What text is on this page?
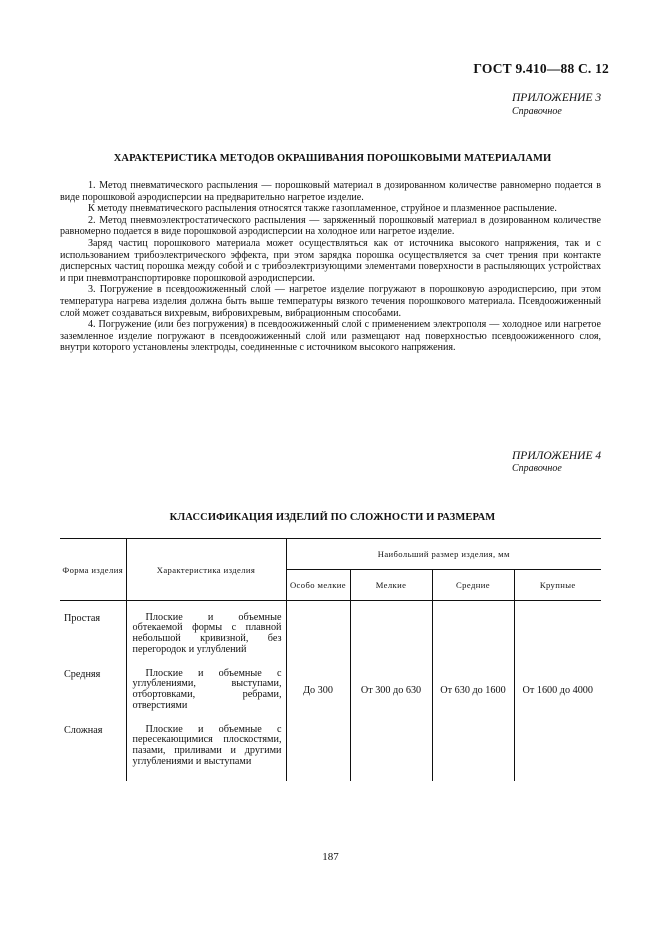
ГОСТ 9.410—88 С. 12
ПРИЛОЖЕНИЕ 3
Справочное
ХАРАКТЕРИСТИКА МЕТОДОВ ОКРАШИВАНИЯ ПОРОШКОВЫМИ МАТЕРИАЛАМИ

1. Метод пневматического распыления — порошковый материал в дозированном количестве равномерно подается в виде порошковой аэродисперсии на предварительно нагретое изделие.

К методу пневматического распыления относятся также газопламенное, струйное и плазменное распыление.

2. Метод пневмоэлектростатического распыления — заряженный порошковый материал в дозированном количестве равномерно подается в виде порошковой аэродисперсии на холодное или нагретое изделие.

Заряд частиц порошкового материала может осуществляться как от источника высокого напряжения, так и с использованием трибоэлектрического эффекта, при этом зарядка порошка осуществляется за счет трения при контакте дисперсных частиц порошка между собой и с трибоэлектризующими элементами поверхности в распыляющих устройствах и при пневмотранспортировке порошковой аэродисперсии.

3. Погружение в псевдоожиженный слой — нагретое изделие погружают в порошковую аэродисперсию, при этом температура нагрева изделия должна быть выше температуры вязкого течения порошкового материала. Псевдоожиженный слой может создаваться вихревым, вибровихревым, вибрационным способами.

4. Погружение (или без погружения) в псевдоожиженный слой с применением электрополя — холодное или нагретое заземленное изделие погружают в псевдоожиженный слой или размещают над поверхностью псевдоожиженного слоя, внутри которого установлены электроды, соединенные с источником высокого напряжения.

ПРИЛОЖЕНИЕ 4
Справочное
КЛАССИФИКАЦИЯ ИЗДЕЛИЙ ПО СЛОЖНОСТИ И РАЗМЕРАМ
Форма изделия	Характеристика изделия	Наибольший размер изделия, мм			
		Особо мелкие	Мелкие	Средние	Крупные
		До 300	От 300 до 630	От 630 до 1600	От 1600 до 4000
Простая	Плоские и объемные обтекаемой формы с плавной небольшой кривизной, без перегородок и углублений				

Средняя	Плоские и объемные с углублениями, выступами, отбортовками, ребрами, отверстиями				

Сложная	Плоские и объемные с пересекающимися плоскостями, пазами, приливами и другими углублениями и выступами				
187
